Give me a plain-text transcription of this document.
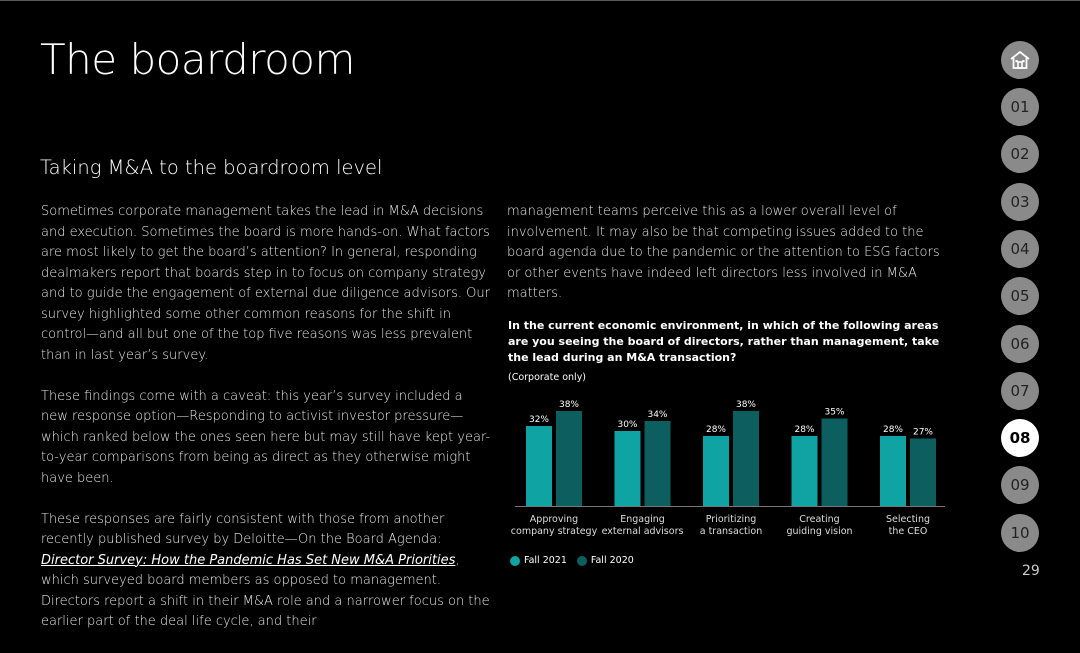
The boardroom
Taking M&A to the boardroom level

Sometimes corporate management takes the lead in M&A decisions and execution. Sometimes the board is more hands-on. What factors are most likely to get the board’s attention? In general, responding dealmakers report that boards step in to focus on company strategy and to guide the engagement of external due diligence advisors. Our survey highlighted some other common reasons for the shift in control—and all but one of the top five reasons was less prevalent than in last year’s survey.

These findings come with a caveat: this year’s survey included a new response option—Responding to activist investor pressure—which ranked below the ones seen here but may still have kept year-to-year comparisons from being as direct as they otherwise might have been.

These responses are fairly consistent with those from another recently published survey by Deloitte—On the Board Agenda: Director Survey: How the Pandemic Has Set New M&A Priorities, which surveyed board members as opposed to management. Directors report a shift in their M&A role and a narrower focus on the earlier part of the deal life cycle, and their

management teams perceive this as a lower overall level of involvement. It may also be that competing issues added to the board agenda due to the pandemic or the attention to ESG factors or other events have indeed left directors less involved in M&A matters.

In the current economic environment, in which of the following areas are you seeing the board of directors, rather than management, take the lead during an M&A transaction?
(Corporate only)
32%
38%
Approving
company strategy
30%
34%
Engaging
external advisors
28%
38%
Prioritizing
a transaction
28%
35%
Creating
guiding vision
28% 27%
Selecting
the CEO
Fall 2021	Fall 2020
01
02
03
04
05
06
07
08
09
10
29
